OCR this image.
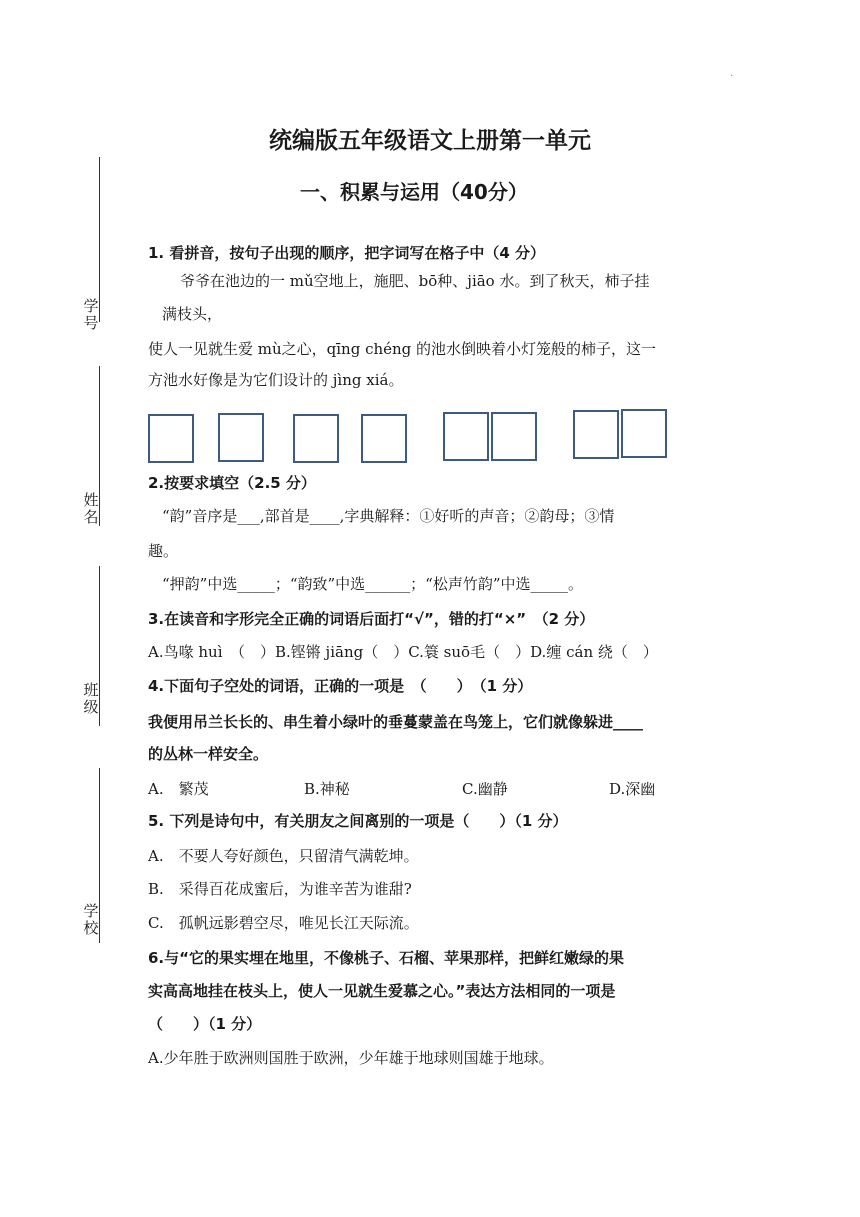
.
学
号
姓
名
班
级
学
校
统编版五年级语文上册第一单元
一、积累与运用（40分）
1. 看拼音，按句子出现的顺序，把字词写在格子中（4 分）
爷爷在池边的一 mǔ空地上，施肥、bō种、jiāo 水。到了秋天，柿子挂
满枝头，
使人一见就生爱 mù之心，qīng chéng 的池水倒映着小灯笼般的柿子，这一
方池水好像是为它们设计的 jìng xiá。
2.按要求填空（2.5 分）
“韵”音序是___,部首是____,字典解释：①好听的声音；②韵母；③情
趣。
“押韵”中选_____；“韵致”中选______；“松声竹韵”中选_____。
3.在读音和字形完全正确的词语后面打“√”，错的打“×”　（2 分）
A.鸟喙 huì　（　）B.铿锵 jiāng（　）C.簑 suō毛（　）D.缠 cán 绕（　）
4.下面句子空处的词语，正确的一项是　（　　）　（1 分）
我便用吊兰长长的、串生着小绿叶的垂蔓蒙盖在鸟笼上，它们就像躲进____
的丛林一样安全。
A.　繁茂	B.神秘	C.幽静	D.深幽
5. 下列是诗句中，有关朋友之间离别的一项是（　　）（1 分）
A.　不要人夸好颜色，只留清气满乾坤。
B.　采得百花成蜜后，为谁辛苦为谁甜?
C.　孤帆远影碧空尽，唯见长江天际流。
6.与“它的果实埋在地里，不像桃子、石榴、苹果那样，把鲜红嫩绿的果
实高高地挂在枝头上，使人一见就生爱慕之心。”表达方法相同的一项是
（　　）（1 分）
A.少年胜于欧洲则国胜于欧洲，少年雄于地球则国雄于地球。
